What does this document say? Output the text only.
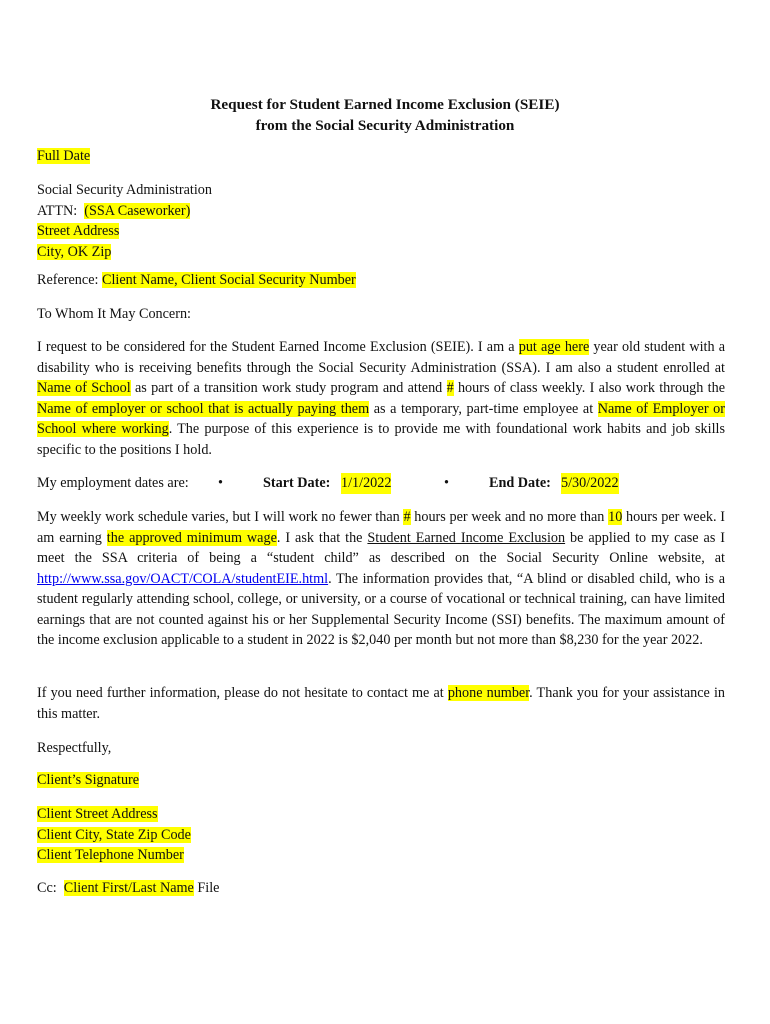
Request for Student Earned Income Exclusion (SEIE)
from the Social Security Administration
Full Date
Social Security Administration
ATTN: (SSA Caseworker)
Street Address
City, OK Zip
Reference: Client Name, Client Social Security Number
To Whom It May Concern:
I request to be considered for the Student Earned Income Exclusion (SEIE). I am a put age here year old student with a disability who is receiving benefits through the Social Security Administration (SSA). I am also a student enrolled at Name of School as part of a transition work study program and attend # hours of class weekly. I also work through the Name of employer or school that is actually paying them as a temporary, part-time employee at Name of Employer or School where working. The purpose of this experience is to provide me with foundational work habits and job skills specific to the positions I hold.
My employment dates are: •	Start Date: 1/1/2022	•	End Date: 5/30/2022
My weekly work schedule varies, but I will work no fewer than # hours per week and no more than 10 hours per week. I am earning the approved minimum wage. I ask that the Student Earned Income Exclusion be applied to my case as I meet the SSA criteria of being a “student child” as described on the Social Security Online website, at http://www.ssa.gov/OACT/COLA/studentEIE.html. The information provides that, “A blind or disabled child, who is a student regularly attending school, college, or university, or a course of vocational or technical training, can have limited earnings that are not counted against his or her Supplemental Security Income (SSI) benefits. The maximum amount of the income exclusion applicable to a student in 2022 is $2,040 per month but not more than $8,230 for the year 2022.
If you need further information, please do not hesitate to contact me at phone number. Thank you for your assistance in this matter.
Respectfully,
Client’s Signature
Client Street Address
Client City, State Zip Code
Client Telephone Number
Cc: Client First/Last Name File
